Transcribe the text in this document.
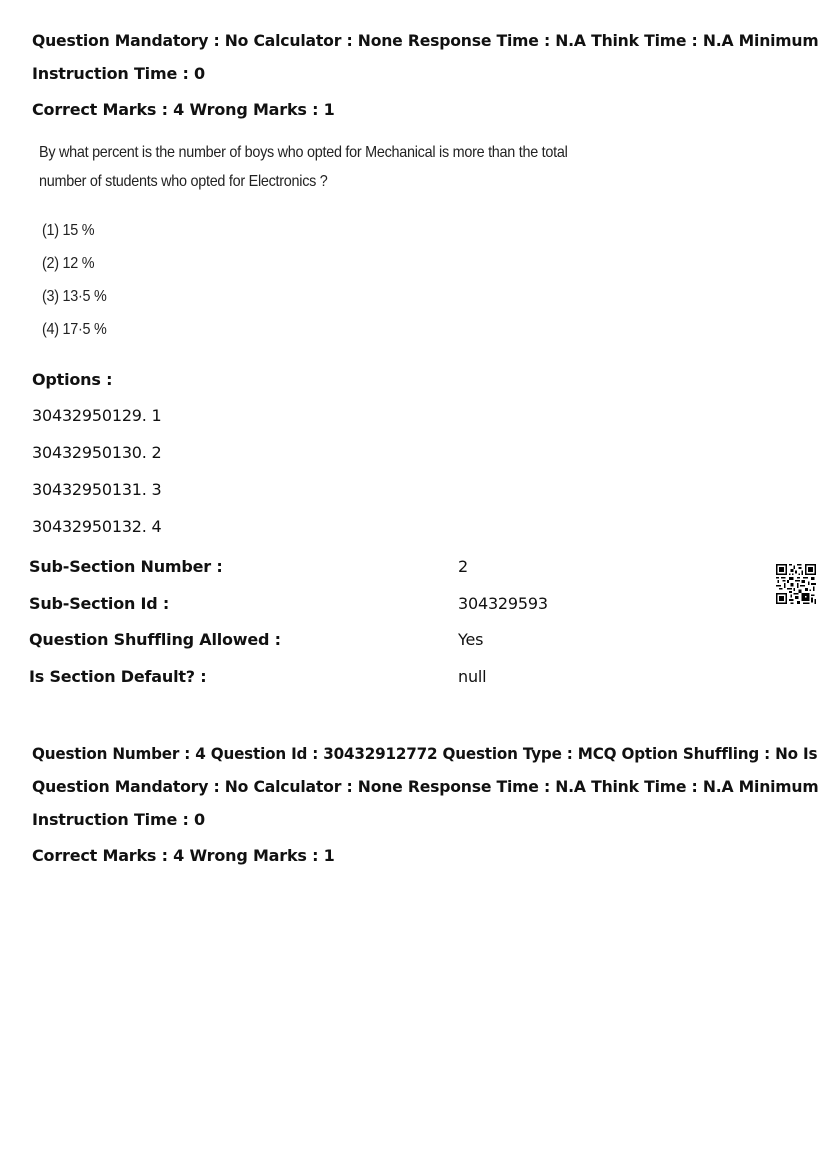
Question Mandatory : No Calculator : None Response Time : N.A Think Time : N.A Minimum
Instruction Time : 0
Correct Marks : 4 Wrong Marks : 1
By what percent is the number of boys who opted for Mechanical is more than the total
number of students who opted for Electronics ?
(1) 15 %
(2) 12 %
(3) 13·5 %
(4) 17·5 %
Options :
30432950129. 1
30432950130. 2
30432950131. 3
30432950132. 4
Sub-Section Number :	2
Sub-Section Id :	304329593
Question Shuffling Allowed :	Yes
Is Section Default? :	null
Question Number : 4 Question Id : 30432912772 Question Type : MCQ Option Shuffling : No Is
Question Mandatory : No Calculator : None Response Time : N.A Think Time : N.A Minimum
Instruction Time : 0
Correct Marks : 4 Wrong Marks : 1
